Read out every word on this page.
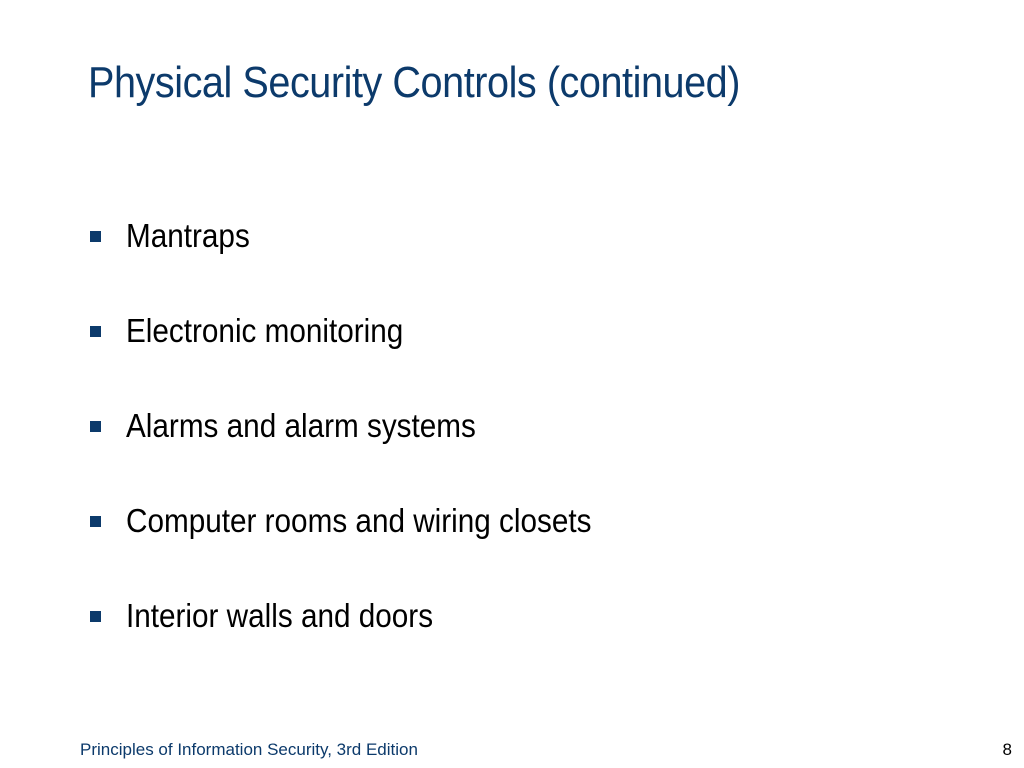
Physical Security Controls (continued)
Mantraps
Electronic monitoring
Alarms and alarm systems
Computer rooms and wiring closets
Interior walls and doors
Principles of Information Security, 3rd Edition	8
